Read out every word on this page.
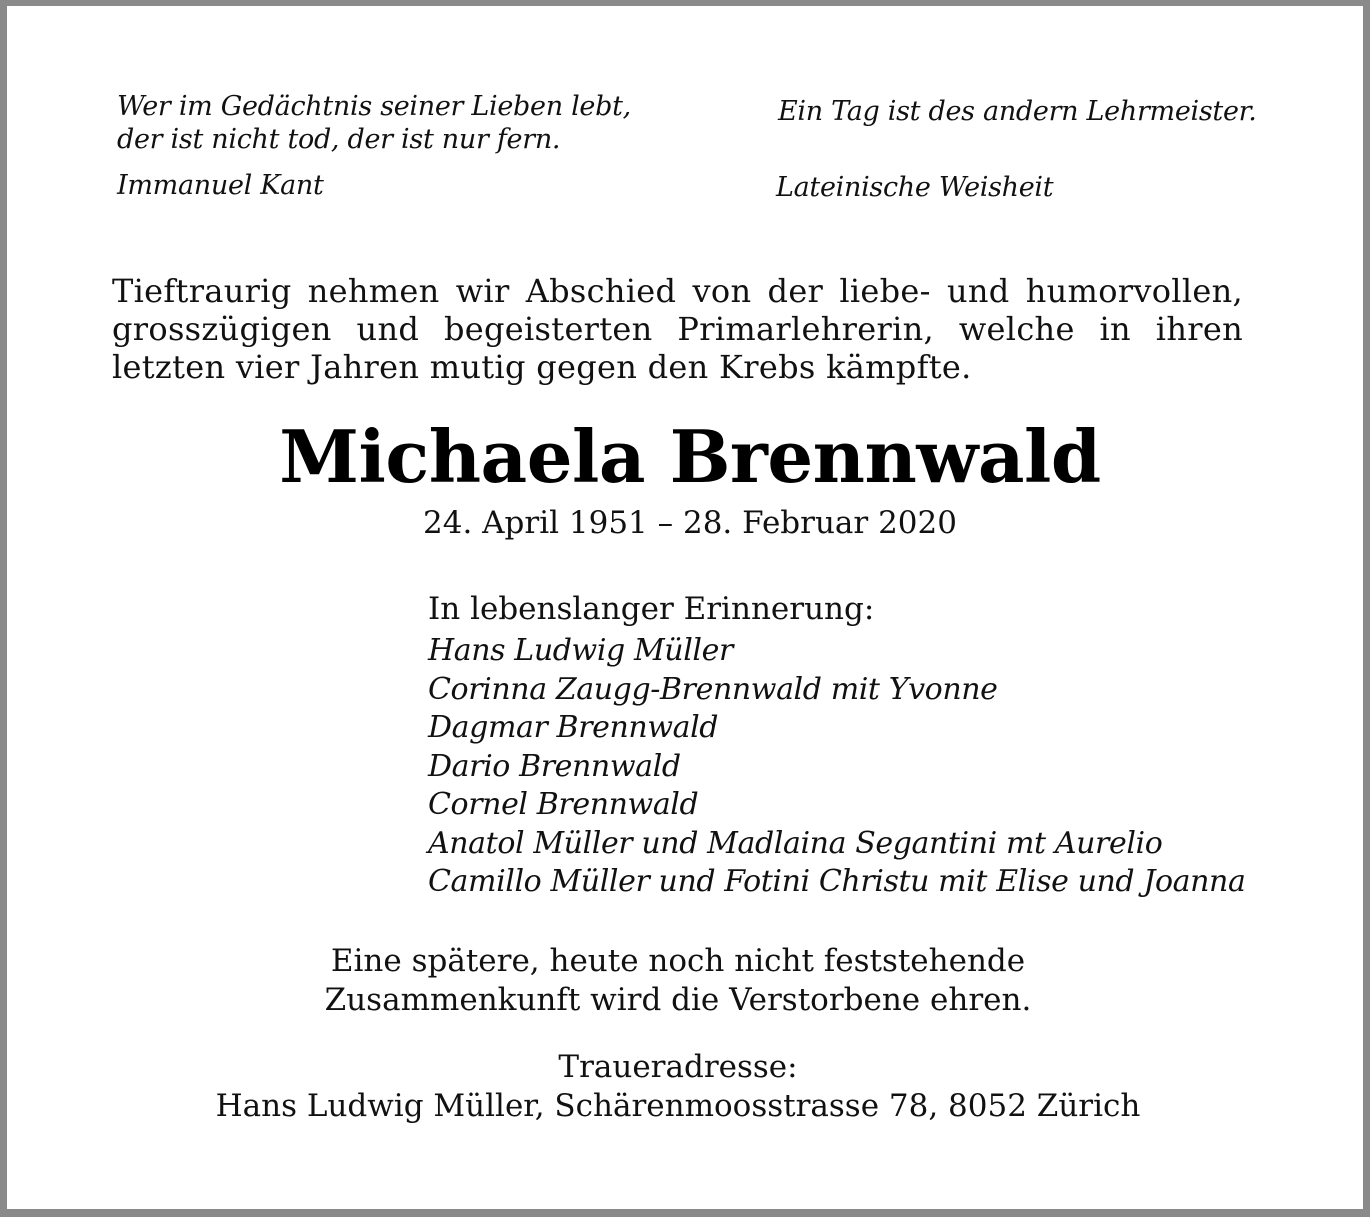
Wer im Gedächtnis seiner Lieben lebt,
der ist nicht tod, der ist nur fern.
Immanuel Kant
Ein Tag ist des andern Lehrmeister.
Lateinische Weisheit
Tieftraurig nehmen wir Abschied von der liebe- und humorvollen, grosszügigen und begeisterten Primarlehrerin, welche in ihren letzten vier Jahren mutig gegen den Krebs kämpfte.
Michaela Brennwald
24. April 1951 – 28. Februar 2020
In lebenslanger Erinnerung:
Hans Ludwig Müller
Corinna Zaugg-Brennwald mit Yvonne
Dagmar Brennwald
Dario Brennwald
Cornel Brennwald
Anatol Müller und Madlaina Segantini mt Aurelio
Camillo Müller und Fotini Christu mit Elise und Joanna
Eine spätere, heute noch nicht feststehende
Zusammenkunft wird die Verstorbene ehren.
Traueradresse:
Hans Ludwig Müller, Schärenmoosstrasse 78, 8052 Zürich
